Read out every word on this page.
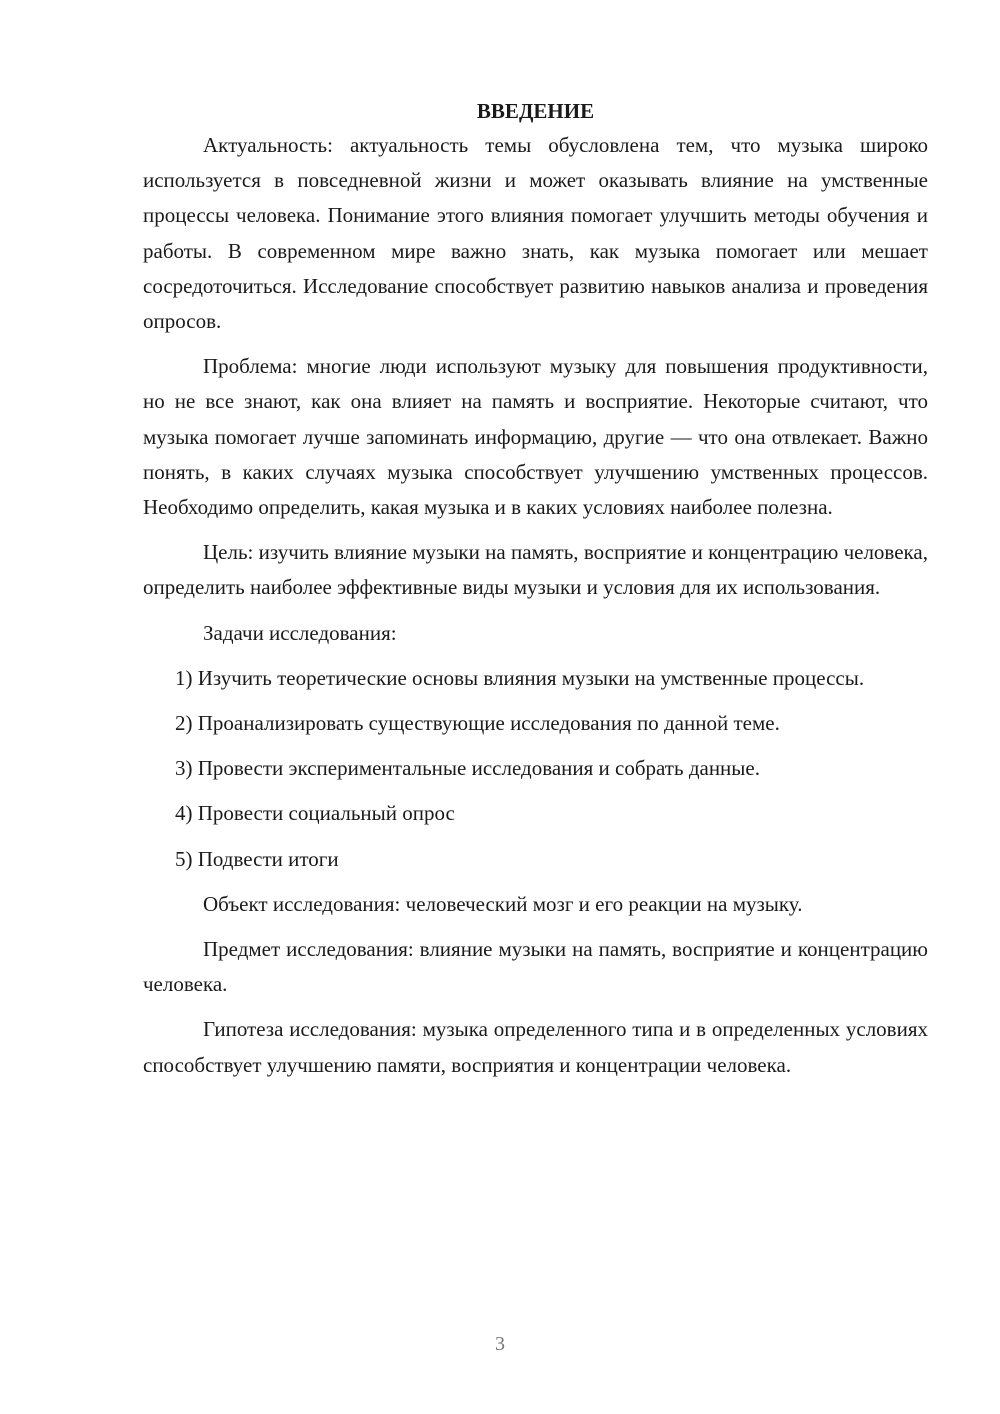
ВВЕДЕНИЕ

Актуальность: актуальность темы обусловлена тем, что музыка широко используется в повседневной жизни и может оказывать влияние на умственные процессы человека. Понимание этого влияния помогает улучшить методы обучения и работы. В современном мире важно знать, как музыка помогает или мешает сосредоточиться. Исследование способствует развитию навыков анализа и проведения опросов.

Проблема: многие люди используют музыку для повышения продуктивности, но не все знают, как она влияет на память и восприятие. Некоторые считают, что музыка помогает лучше запоминать информацию, другие — что она отвлекает. Важно понять, в каких случаях музыка способствует улучшению умственных процессов. Необходимо определить, какая музыка и в каких условиях наиболее полезна.

Цель: изучить влияние музыки на память, восприятие и концентрацию человека, определить наиболее эффективные виды музыки и условия для их использования.

Задачи исследования:

1) Изучить теоретические основы влияния музыки на умственные процессы.

2) Проанализировать существующие исследования по данной теме.

3) Провести экспериментальные исследования и собрать данные.

4) Провести социальный опрос

5) Подвести итоги

Объект исследования: человеческий мозг и его реакции на музыку.

Предмет исследования: влияние музыки на память, восприятие и концентрацию человека.

Гипотеза исследования: музыка определенного типа и в определенных условиях способствует улучшению памяти, восприятия и концентрации человека.

3
